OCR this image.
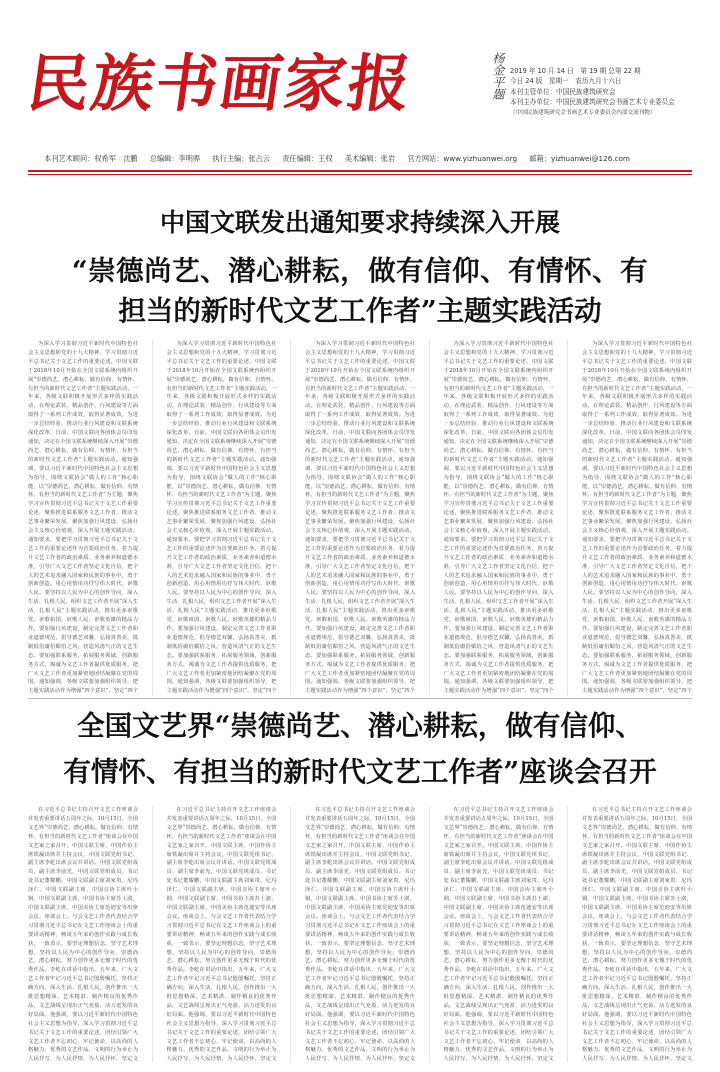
民族书画家报	杨金平题 2019 年 10 月 14 日　第 19 期 总第 22 期
今日 24 版　星期一　农历九月十六日
本刊主管单位：中国民族建筑研究会
本刊主办单位：中国民族建筑研究会书画艺术专业委员会
（中国民族建筑研究会书画艺术专业委员会内部交流刊物）
本刊艺术顾问：权希军　沈鹏 总编辑：李明骅 执行主编：张占云 责任编辑：王权 美术编辑：张岩 官方网站：www.yizhuanwei.org 邮箱：yizhuanwei@126.com
中国文联发出通知要求持续深入开展
“崇德尚艺、潜心耕耘，做有信仰、有情怀、有
担当的新时代文艺工作者”主题实践活动
为深入学习贯彻习近平新时代中国特色社会主义思想和党的十九大精神，学习贯彻习近平总书记关于文艺工作的重要论述，中国文联于2018年10月开始在全国文联系统内组织开展“崇德尚艺、潜心耕耘，做有信仰、有情怀、有担当的新时代文艺工作者”主题实践活动，一年来，各级文联积极开展形式多样的实践活动，在理论武装、精品创作、行风建设等方面取得了一系列工作成效，取得显著成效。为进一步总结经验、推动行业行风建设和文联系统深化改革，日前，中国文联向各团体会员印发通知，决定在全国文联系统继续深入开展“崇德尚艺、潜心耕耘，做有信仰、有情怀、有担当的新时代文艺工作者”主题实践活动。通知强调，要以习近平新时代中国特色社会主义思想为指导，围绕文联协会“做人的工作”核心职能，以“崇德尚艺、潜心耕耘，做有信仰、有情怀、有担当的新时代文艺工作者”为主题，聚焦学习宣传贯彻习近平总书记关于文艺工作重要论述，聚焦推进联系服务文艺工作者、推动文艺事业繁荣发展，聚焦加强行风建设、弘扬社会主义核心价值观，深入开展主题实践活动。通知要求，要把学习贯彻习近平总书记关于文艺工作的重要论述作为首要政治任务，着力提升文艺工作者的政治素质、业务素养和道德水准，引导广大文艺工作者坚定文化自信，把个人的艺术追求融入国家和民族的事业中，勇于创新创造，用心用情用功抒写伟大时代、讴歌人民。要坚持以人民为中心的创作导向，深入生活、扎根人民，组织文艺工作者开展“深入生活、扎根人民”主题实践活动，推出更多讴歌党、讴歌祖国、讴歌人民、讴歌英雄的精品力作。要加强行风建设，制定完善文艺工作者职业道德规范，倡导德艺双馨，弘扬真善美，抵制低俗庸俗媚俗之风，营造风清气正的文艺生态。要加强联系服务，拓展服务领域，创新服务方式，竭诚为文艺工作者提供优质服务，把广大文艺工作者更加紧密地团结凝聚在党的周围。通知强调，各级文联要加强组织领导，把主题实践活动作为增强“四个意识”、坚定“四个
为深入学习贯彻习近平新时代中国特色社会主义思想和党的十九大精神，学习贯彻习近平总书记关于文艺工作的重要论述，中国文联于2018年10月开始在全国文联系统内组织开展“崇德尚艺、潜心耕耘，做有信仰、有情怀、有担当的新时代文艺工作者”主题实践活动，一年来，各级文联积极开展形式多样的实践活动，在理论武装、精品创作、行风建设等方面取得了一系列工作成效，取得显著成效。为进一步总结经验、推动行业行风建设和文联系统深化改革，日前，中国文联向各团体会员印发通知，决定在全国文联系统继续深入开展“崇德尚艺、潜心耕耘，做有信仰、有情怀、有担当的新时代文艺工作者”主题实践活动。通知强调，要以习近平新时代中国特色社会主义思想为指导，围绕文联协会“做人的工作”核心职能，以“崇德尚艺、潜心耕耘，做有信仰、有情怀、有担当的新时代文艺工作者”为主题，聚焦学习宣传贯彻习近平总书记关于文艺工作重要论述，聚焦推进联系服务文艺工作者、推动文艺事业繁荣发展，聚焦加强行风建设、弘扬社会主义核心价值观，深入开展主题实践活动。通知要求，要把学习贯彻习近平总书记关于文艺工作的重要论述作为首要政治任务，着力提升文艺工作者的政治素质、业务素养和道德水准，引导广大文艺工作者坚定文化自信，把个人的艺术追求融入国家和民族的事业中，勇于创新创造，用心用情用功抒写伟大时代、讴歌人民。要坚持以人民为中心的创作导向，深入生活、扎根人民，组织文艺工作者开展“深入生活、扎根人民”主题实践活动，推出更多讴歌党、讴歌祖国、讴歌人民、讴歌英雄的精品力作。要加强行风建设，制定完善文艺工作者职业道德规范，倡导德艺双馨，弘扬真善美，抵制低俗庸俗媚俗之风，营造风清气正的文艺生态。要加强联系服务，拓展服务领域，创新服务方式，竭诚为文艺工作者提供优质服务，把广大文艺工作者更加紧密地团结凝聚在党的周围。通知强调，各级文联要加强组织领导，把主题实践活动作为增强“四个意识”、坚定“四个
为深入学习贯彻习近平新时代中国特色社会主义思想和党的十九大精神，学习贯彻习近平总书记关于文艺工作的重要论述，中国文联于2018年10月开始在全国文联系统内组织开展“崇德尚艺、潜心耕耘，做有信仰、有情怀、有担当的新时代文艺工作者”主题实践活动，一年来，各级文联积极开展形式多样的实践活动，在理论武装、精品创作、行风建设等方面取得了一系列工作成效，取得显著成效。为进一步总结经验、推动行业行风建设和文联系统深化改革，日前，中国文联向各团体会员印发通知，决定在全国文联系统继续深入开展“崇德尚艺、潜心耕耘，做有信仰、有情怀、有担当的新时代文艺工作者”主题实践活动。通知强调，要以习近平新时代中国特色社会主义思想为指导，围绕文联协会“做人的工作”核心职能，以“崇德尚艺、潜心耕耘，做有信仰、有情怀、有担当的新时代文艺工作者”为主题，聚焦学习宣传贯彻习近平总书记关于文艺工作重要论述，聚焦推进联系服务文艺工作者、推动文艺事业繁荣发展，聚焦加强行风建设、弘扬社会主义核心价值观，深入开展主题实践活动。通知要求，要把学习贯彻习近平总书记关于文艺工作的重要论述作为首要政治任务，着力提升文艺工作者的政治素质、业务素养和道德水准，引导广大文艺工作者坚定文化自信，把个人的艺术追求融入国家和民族的事业中，勇于创新创造，用心用情用功抒写伟大时代、讴歌人民。要坚持以人民为中心的创作导向，深入生活、扎根人民，组织文艺工作者开展“深入生活、扎根人民”主题实践活动，推出更多讴歌党、讴歌祖国、讴歌人民、讴歌英雄的精品力作。要加强行风建设，制定完善文艺工作者职业道德规范，倡导德艺双馨，弘扬真善美，抵制低俗庸俗媚俗之风，营造风清气正的文艺生态。要加强联系服务，拓展服务领域，创新服务方式，竭诚为文艺工作者提供优质服务，把广大文艺工作者更加紧密地团结凝聚在党的周围。通知强调，各级文联要加强组织领导，把主题实践活动作为增强“四个意识”、坚定“四个
为深入学习贯彻习近平新时代中国特色社会主义思想和党的十九大精神，学习贯彻习近平总书记关于文艺工作的重要论述，中国文联于2018年10月开始在全国文联系统内组织开展“崇德尚艺、潜心耕耘，做有信仰、有情怀、有担当的新时代文艺工作者”主题实践活动，一年来，各级文联积极开展形式多样的实践活动，在理论武装、精品创作、行风建设等方面取得了一系列工作成效，取得显著成效。为进一步总结经验、推动行业行风建设和文联系统深化改革，日前，中国文联向各团体会员印发通知，决定在全国文联系统继续深入开展“崇德尚艺、潜心耕耘，做有信仰、有情怀、有担当的新时代文艺工作者”主题实践活动。通知强调，要以习近平新时代中国特色社会主义思想为指导，围绕文联协会“做人的工作”核心职能，以“崇德尚艺、潜心耕耘，做有信仰、有情怀、有担当的新时代文艺工作者”为主题，聚焦学习宣传贯彻习近平总书记关于文艺工作重要论述，聚焦推进联系服务文艺工作者、推动文艺事业繁荣发展，聚焦加强行风建设、弘扬社会主义核心价值观，深入开展主题实践活动。通知要求，要把学习贯彻习近平总书记关于文艺工作的重要论述作为首要政治任务，着力提升文艺工作者的政治素质、业务素养和道德水准，引导广大文艺工作者坚定文化自信，把个人的艺术追求融入国家和民族的事业中，勇于创新创造，用心用情用功抒写伟大时代、讴歌人民。要坚持以人民为中心的创作导向，深入生活、扎根人民，组织文艺工作者开展“深入生活、扎根人民”主题实践活动，推出更多讴歌党、讴歌祖国、讴歌人民、讴歌英雄的精品力作。要加强行风建设，制定完善文艺工作者职业道德规范，倡导德艺双馨，弘扬真善美，抵制低俗庸俗媚俗之风，营造风清气正的文艺生态。要加强联系服务，拓展服务领域，创新服务方式，竭诚为文艺工作者提供优质服务，把广大文艺工作者更加紧密地团结凝聚在党的周围。通知强调，各级文联要加强组织领导，把主题实践活动作为增强“四个意识”、坚定“四个
为深入学习贯彻习近平新时代中国特色社会主义思想和党的十九大精神，学习贯彻习近平总书记关于文艺工作的重要论述，中国文联于2018年10月开始在全国文联系统内组织开展“崇德尚艺、潜心耕耘，做有信仰、有情怀、有担当的新时代文艺工作者”主题实践活动，一年来，各级文联积极开展形式多样的实践活动，在理论武装、精品创作、行风建设等方面取得了一系列工作成效，取得显著成效。为进一步总结经验、推动行业行风建设和文联系统深化改革，日前，中国文联向各团体会员印发通知，决定在全国文联系统继续深入开展“崇德尚艺、潜心耕耘，做有信仰、有情怀、有担当的新时代文艺工作者”主题实践活动。通知强调，要以习近平新时代中国特色社会主义思想为指导，围绕文联协会“做人的工作”核心职能，以“崇德尚艺、潜心耕耘，做有信仰、有情怀、有担当的新时代文艺工作者”为主题，聚焦学习宣传贯彻习近平总书记关于文艺工作重要论述，聚焦推进联系服务文艺工作者、推动文艺事业繁荣发展，聚焦加强行风建设、弘扬社会主义核心价值观，深入开展主题实践活动。通知要求，要把学习贯彻习近平总书记关于文艺工作的重要论述作为首要政治任务，着力提升文艺工作者的政治素质、业务素养和道德水准，引导广大文艺工作者坚定文化自信，把个人的艺术追求融入国家和民族的事业中，勇于创新创造，用心用情用功抒写伟大时代、讴歌人民。要坚持以人民为中心的创作导向，深入生活、扎根人民，组织文艺工作者开展“深入生活、扎根人民”主题实践活动，推出更多讴歌党、讴歌祖国、讴歌人民、讴歌英雄的精品力作。要加强行风建设，制定完善文艺工作者职业道德规范，倡导德艺双馨，弘扬真善美，抵制低俗庸俗媚俗之风，营造风清气正的文艺生态。要加强联系服务，拓展服务领域，创新服务方式，竭诚为文艺工作者提供优质服务，把广大文艺工作者更加紧密地团结凝聚在党的周围。通知强调，各级文联要加强组织领导，把主题实践活动作为增强“四个意识”、坚定“四个
全国文艺界“崇德尚艺、潜心耕耘，做有信仰、
有情怀、有担当的新时代文艺工作者”座谈会召开
在习近平总书记主持召开文艺工作座谈会并发表重要讲话五周年之际，10月15日，全国文艺界“崇德尚艺、潜心耕耘，做有信仰、有情怀、有担当的新时代文艺工作者”座谈会在中国文艺家之家召开。中国文联主席、中国作协主席铁凝出席并主持会议，中国文联党组书记、副主席李屹出席会议并讲话。中国文联党组成员、副主席李前光，中国文联党组成员、书记处书记董耀鹏，中国文联副主席刘家贵、尼玛泽仁、中国文联副主席、中国音协主席叶小钢，中国文联副主席、中国书协主席苏士澍，中国文联副主席、中国美协主席范迪安等出席会议。座谈会上，与会文艺工作者代表结合学习贯彻习近平总书记在文艺工作座谈会上的重要讲话精神，畅谈五年来的创作实践与成长收获，一致表示，要坚定理想信念，坚守艺术理想，坚持以人民为中心的创作导向，崇德尚艺、潜心耕耘，努力创作更多无愧于时代的优秀作品。李屹在讲话中指出，五年来，广大文艺工作者牢记习近平总书记殷殷嘱托，坚持正确方向，深入生活、扎根人民，创作推出一大批思想精深、艺术精湛、制作精良的优秀作品，文艺战线呈现出正气充盈、活力迸发的良好局面。他强调，要以习近平新时代中国特色社会主义思想为指导，深入学习贯彻习近平总书记关于文艺工作的重要论述，团结引领广大文艺工作者不忘初心、牢记使命，以高尚的人格魅力、优秀的文艺作品、文明的行为举止为人民抒写、为人民抒情、为人民抒怀，坚定文
在习近平总书记主持召开文艺工作座谈会并发表重要讲话五周年之际，10月15日，全国文艺界“崇德尚艺、潜心耕耘，做有信仰、有情怀、有担当的新时代文艺工作者”座谈会在中国文艺家之家召开。中国文联主席、中国作协主席铁凝出席并主持会议，中国文联党组书记、副主席李屹出席会议并讲话。中国文联党组成员、副主席李前光，中国文联党组成员、书记处书记董耀鹏，中国文联副主席刘家贵、尼玛泽仁、中国文联副主席、中国音协主席叶小钢，中国文联副主席、中国书协主席苏士澍，中国文联副主席、中国美协主席范迪安等出席会议。座谈会上，与会文艺工作者代表结合学习贯彻习近平总书记在文艺工作座谈会上的重要讲话精神，畅谈五年来的创作实践与成长收获，一致表示，要坚定理想信念，坚守艺术理想，坚持以人民为中心的创作导向，崇德尚艺、潜心耕耘，努力创作更多无愧于时代的优秀作品。李屹在讲话中指出，五年来，广大文艺工作者牢记习近平总书记殷殷嘱托，坚持正确方向，深入生活、扎根人民，创作推出一大批思想精深、艺术精湛、制作精良的优秀作品，文艺战线呈现出正气充盈、活力迸发的良好局面。他强调，要以习近平新时代中国特色社会主义思想为指导，深入学习贯彻习近平总书记关于文艺工作的重要论述，团结引领广大文艺工作者不忘初心、牢记使命，以高尚的人格魅力、优秀的文艺作品、文明的行为举止为人民抒写、为人民抒情、为人民抒怀，坚定文
在习近平总书记主持召开文艺工作座谈会并发表重要讲话五周年之际，10月15日，全国文艺界“崇德尚艺、潜心耕耘，做有信仰、有情怀、有担当的新时代文艺工作者”座谈会在中国文艺家之家召开。中国文联主席、中国作协主席铁凝出席并主持会议，中国文联党组书记、副主席李屹出席会议并讲话。中国文联党组成员、副主席李前光，中国文联党组成员、书记处书记董耀鹏，中国文联副主席刘家贵、尼玛泽仁、中国文联副主席、中国音协主席叶小钢，中国文联副主席、中国书协主席苏士澍，中国文联副主席、中国美协主席范迪安等出席会议。座谈会上，与会文艺工作者代表结合学习贯彻习近平总书记在文艺工作座谈会上的重要讲话精神，畅谈五年来的创作实践与成长收获，一致表示，要坚定理想信念，坚守艺术理想，坚持以人民为中心的创作导向，崇德尚艺、潜心耕耘，努力创作更多无愧于时代的优秀作品。李屹在讲话中指出，五年来，广大文艺工作者牢记习近平总书记殷殷嘱托，坚持正确方向，深入生活、扎根人民，创作推出一大批思想精深、艺术精湛、制作精良的优秀作品，文艺战线呈现出正气充盈、活力迸发的良好局面。他强调，要以习近平新时代中国特色社会主义思想为指导，深入学习贯彻习近平总书记关于文艺工作的重要论述，团结引领广大文艺工作者不忘初心、牢记使命，以高尚的人格魅力、优秀的文艺作品、文明的行为举止为人民抒写、为人民抒情、为人民抒怀，坚定文
在习近平总书记主持召开文艺工作座谈会并发表重要讲话五周年之际，10月15日，全国文艺界“崇德尚艺、潜心耕耘，做有信仰、有情怀、有担当的新时代文艺工作者”座谈会在中国文艺家之家召开。中国文联主席、中国作协主席铁凝出席并主持会议，中国文联党组书记、副主席李屹出席会议并讲话。中国文联党组成员、副主席李前光，中国文联党组成员、书记处书记董耀鹏，中国文联副主席刘家贵、尼玛泽仁、中国文联副主席、中国音协主席叶小钢，中国文联副主席、中国书协主席苏士澍，中国文联副主席、中国美协主席范迪安等出席会议。座谈会上，与会文艺工作者代表结合学习贯彻习近平总书记在文艺工作座谈会上的重要讲话精神，畅谈五年来的创作实践与成长收获，一致表示，要坚定理想信念，坚守艺术理想，坚持以人民为中心的创作导向，崇德尚艺、潜心耕耘，努力创作更多无愧于时代的优秀作品。李屹在讲话中指出，五年来，广大文艺工作者牢记习近平总书记殷殷嘱托，坚持正确方向，深入生活、扎根人民，创作推出一大批思想精深、艺术精湛、制作精良的优秀作品，文艺战线呈现出正气充盈、活力迸发的良好局面。他强调，要以习近平新时代中国特色社会主义思想为指导，深入学习贯彻习近平总书记关于文艺工作的重要论述，团结引领广大文艺工作者不忘初心、牢记使命，以高尚的人格魅力、优秀的文艺作品、文明的行为举止为人民抒写、为人民抒情、为人民抒怀，坚定文
在习近平总书记主持召开文艺工作座谈会并发表重要讲话五周年之际，10月15日，全国文艺界“崇德尚艺、潜心耕耘，做有信仰、有情怀、有担当的新时代文艺工作者”座谈会在中国文艺家之家召开。中国文联主席、中国作协主席铁凝出席并主持会议，中国文联党组书记、副主席李屹出席会议并讲话。中国文联党组成员、副主席李前光，中国文联党组成员、书记处书记董耀鹏，中国文联副主席刘家贵、尼玛泽仁、中国文联副主席、中国音协主席叶小钢，中国文联副主席、中国书协主席苏士澍，中国文联副主席、中国美协主席范迪安等出席会议。座谈会上，与会文艺工作者代表结合学习贯彻习近平总书记在文艺工作座谈会上的重要讲话精神，畅谈五年来的创作实践与成长收获，一致表示，要坚定理想信念，坚守艺术理想，坚持以人民为中心的创作导向，崇德尚艺、潜心耕耘，努力创作更多无愧于时代的优秀作品。李屹在讲话中指出，五年来，广大文艺工作者牢记习近平总书记殷殷嘱托，坚持正确方向，深入生活、扎根人民，创作推出一大批思想精深、艺术精湛、制作精良的优秀作品，文艺战线呈现出正气充盈、活力迸发的良好局面。他强调，要以习近平新时代中国特色社会主义思想为指导，深入学习贯彻习近平总书记关于文艺工作的重要论述，团结引领广大文艺工作者不忘初心、牢记使命，以高尚的人格魅力、优秀的文艺作品、文明的行为举止为人民抒写、为人民抒情、为人民抒怀，坚定文
